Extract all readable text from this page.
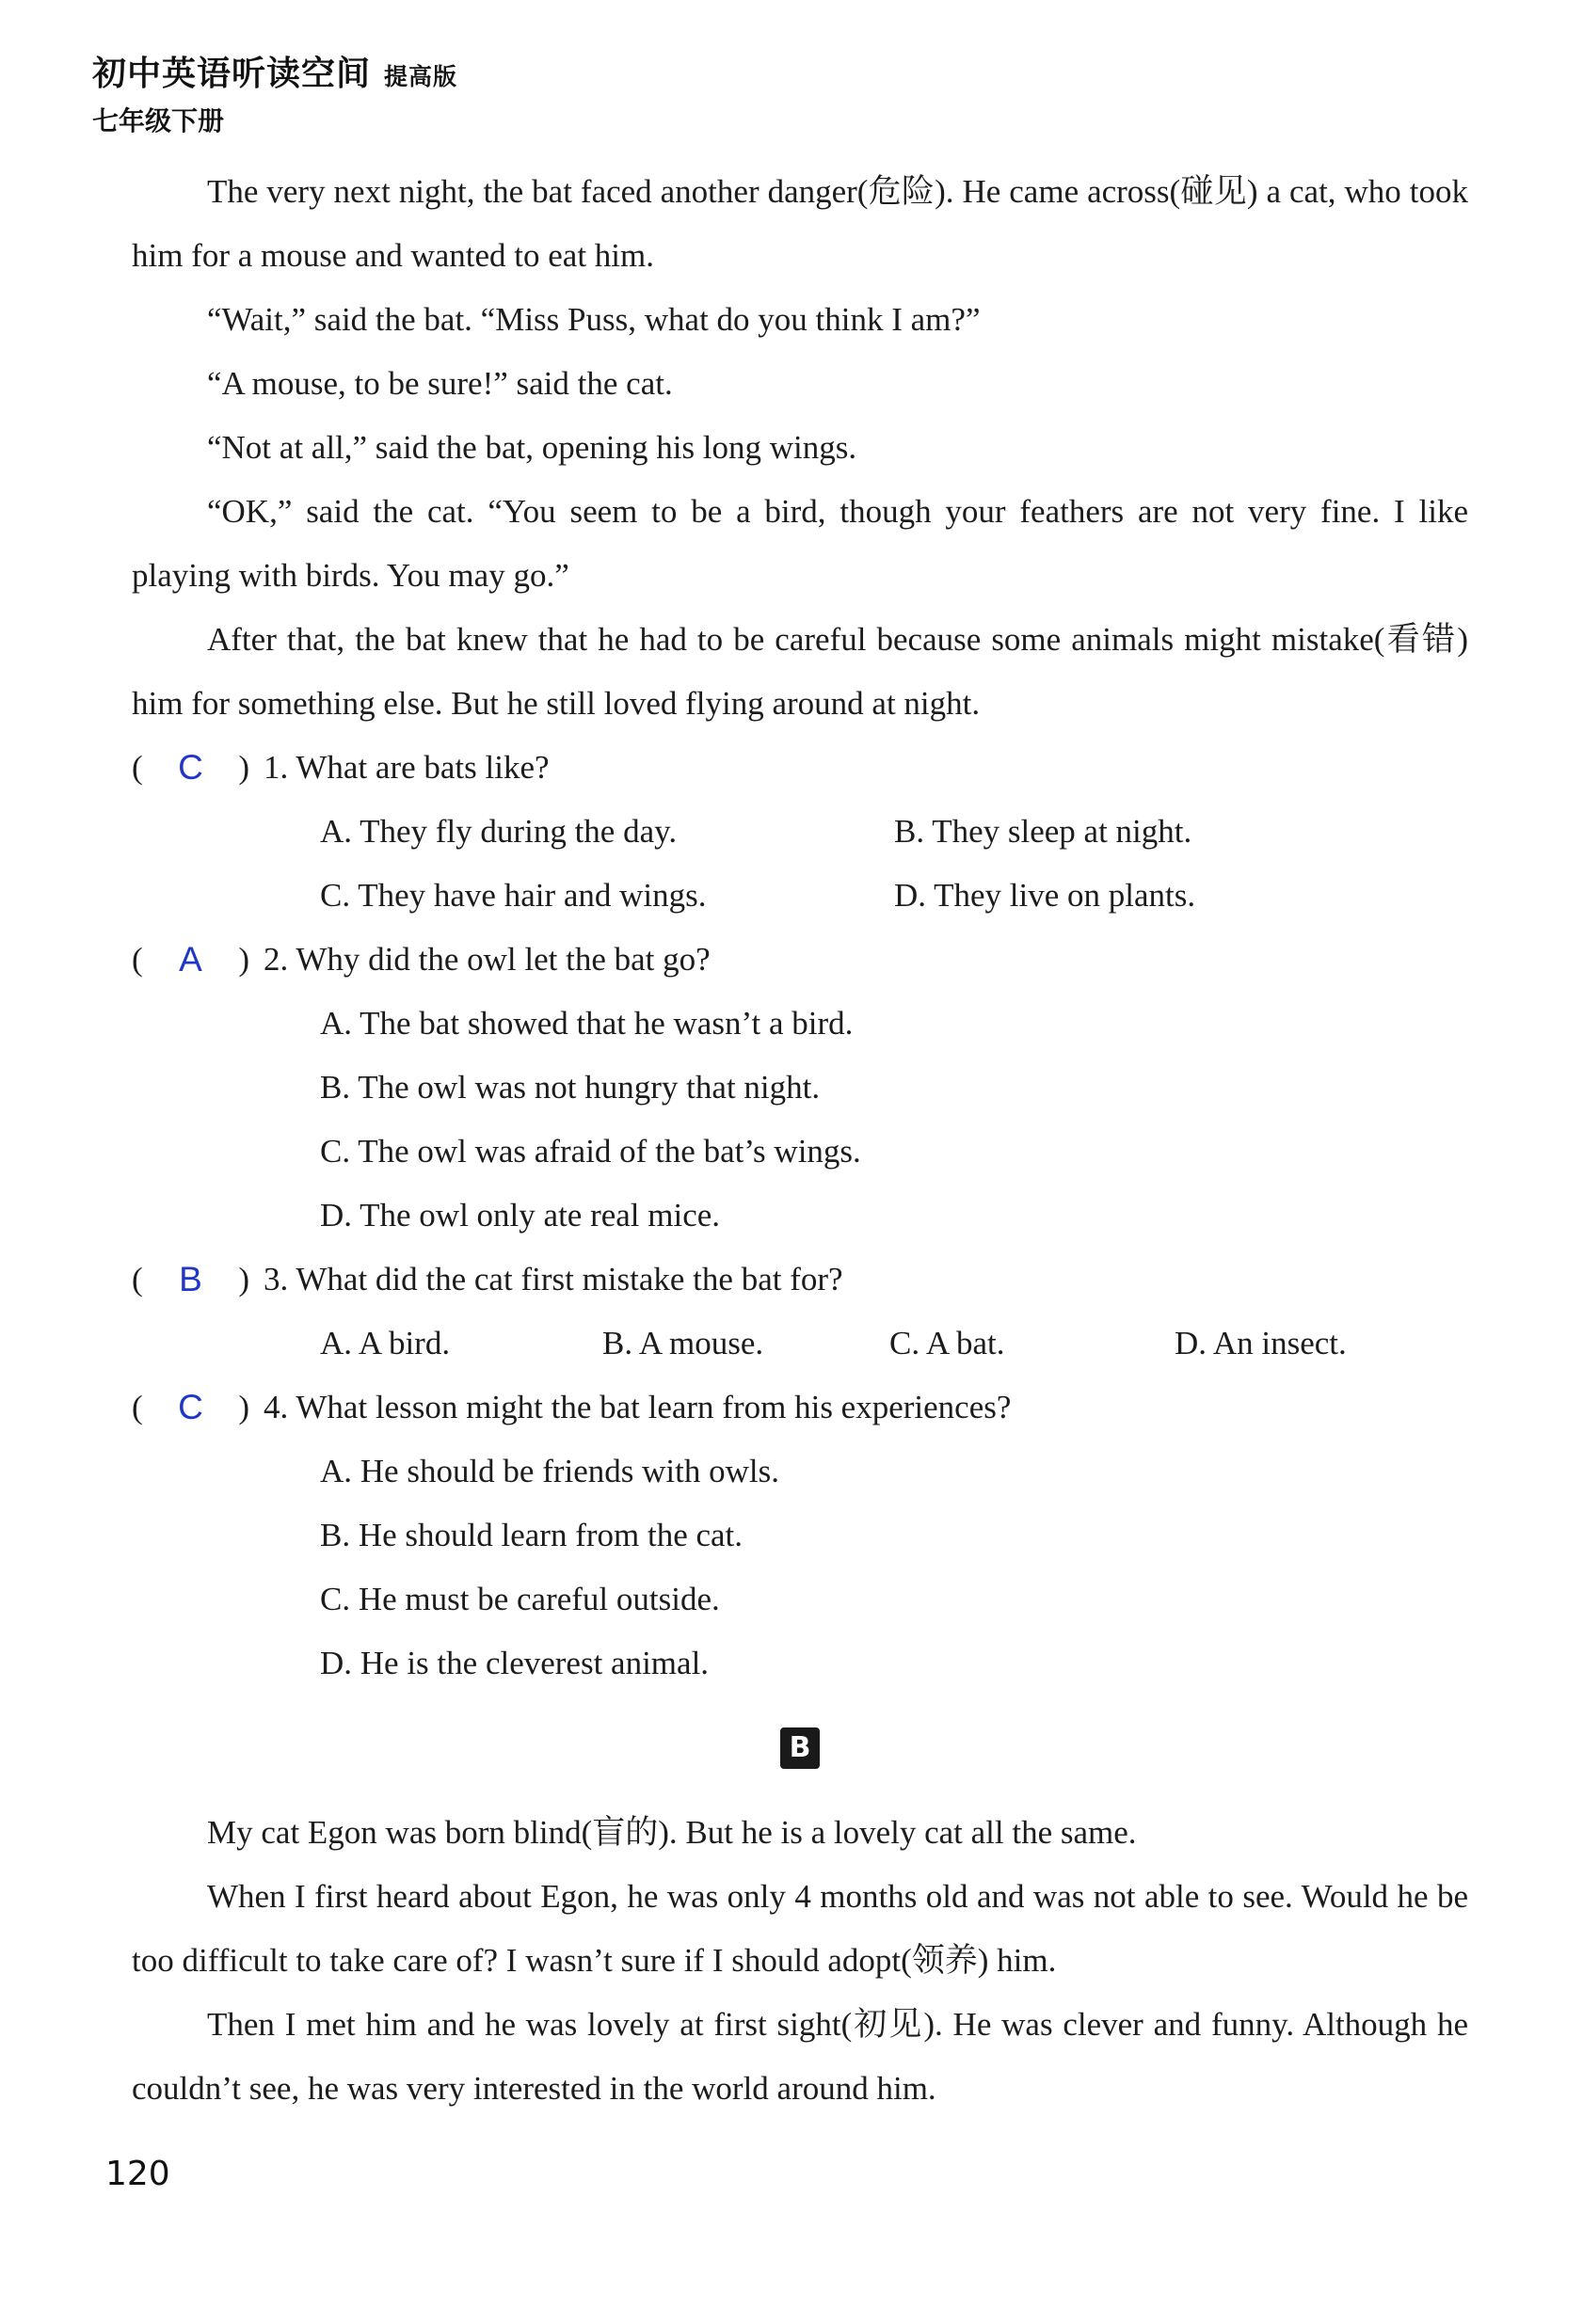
初中英语听读空间 提高版
七年级下册

The very next night, the bat faced another danger(危险). He came across(碰见) a cat, who took him for a mouse and wanted to eat him.

“Wait,” said the bat. “Miss Puss, what do you think I am?”

“A mouse, to be sure!” said the cat.

“Not at all,” said the bat, opening his long wings.

“OK,” said the cat. “You seem to be a bird, though your feathers are not very fine. I like playing with birds. You may go.”

After that, the bat knew that he had to be careful because some animals might mistake(看错) him for something else. But he still loved flying around at night.

( C ) 1. What are bats like?
A. They fly during the day.	B. They sleep at night.
C. They have hair and wings.	D. They live on plants.
( A ) 2. Why did the owl let the bat go?
A. The bat showed that he wasn’t a bird.
B. The owl was not hungry that night.
C. The owl was afraid of the bat’s wings.
D. The owl only ate real mice.
( B ) 3. What did the cat first mistake the bat for?
A. A bird.	B. A mouse.	C. A bat.	D. An insect.
( C ) 4. What lesson might the bat learn from his experiences?
A. He should be friends with owls.
B. He should learn from the cat.
C. He must be careful outside.
D. He is the cleverest animal.
B

My cat Egon was born blind(盲的). But he is a lovely cat all the same.

When I first heard about Egon, he was only 4 months old and was not able to see. Would he be too difficult to take care of? I wasn’t sure if I should adopt(领养) him.

Then I met him and he was lovely at first sight(初见). He was clever and funny. Although he couldn’t see, he was very interested in the world around him.

120
